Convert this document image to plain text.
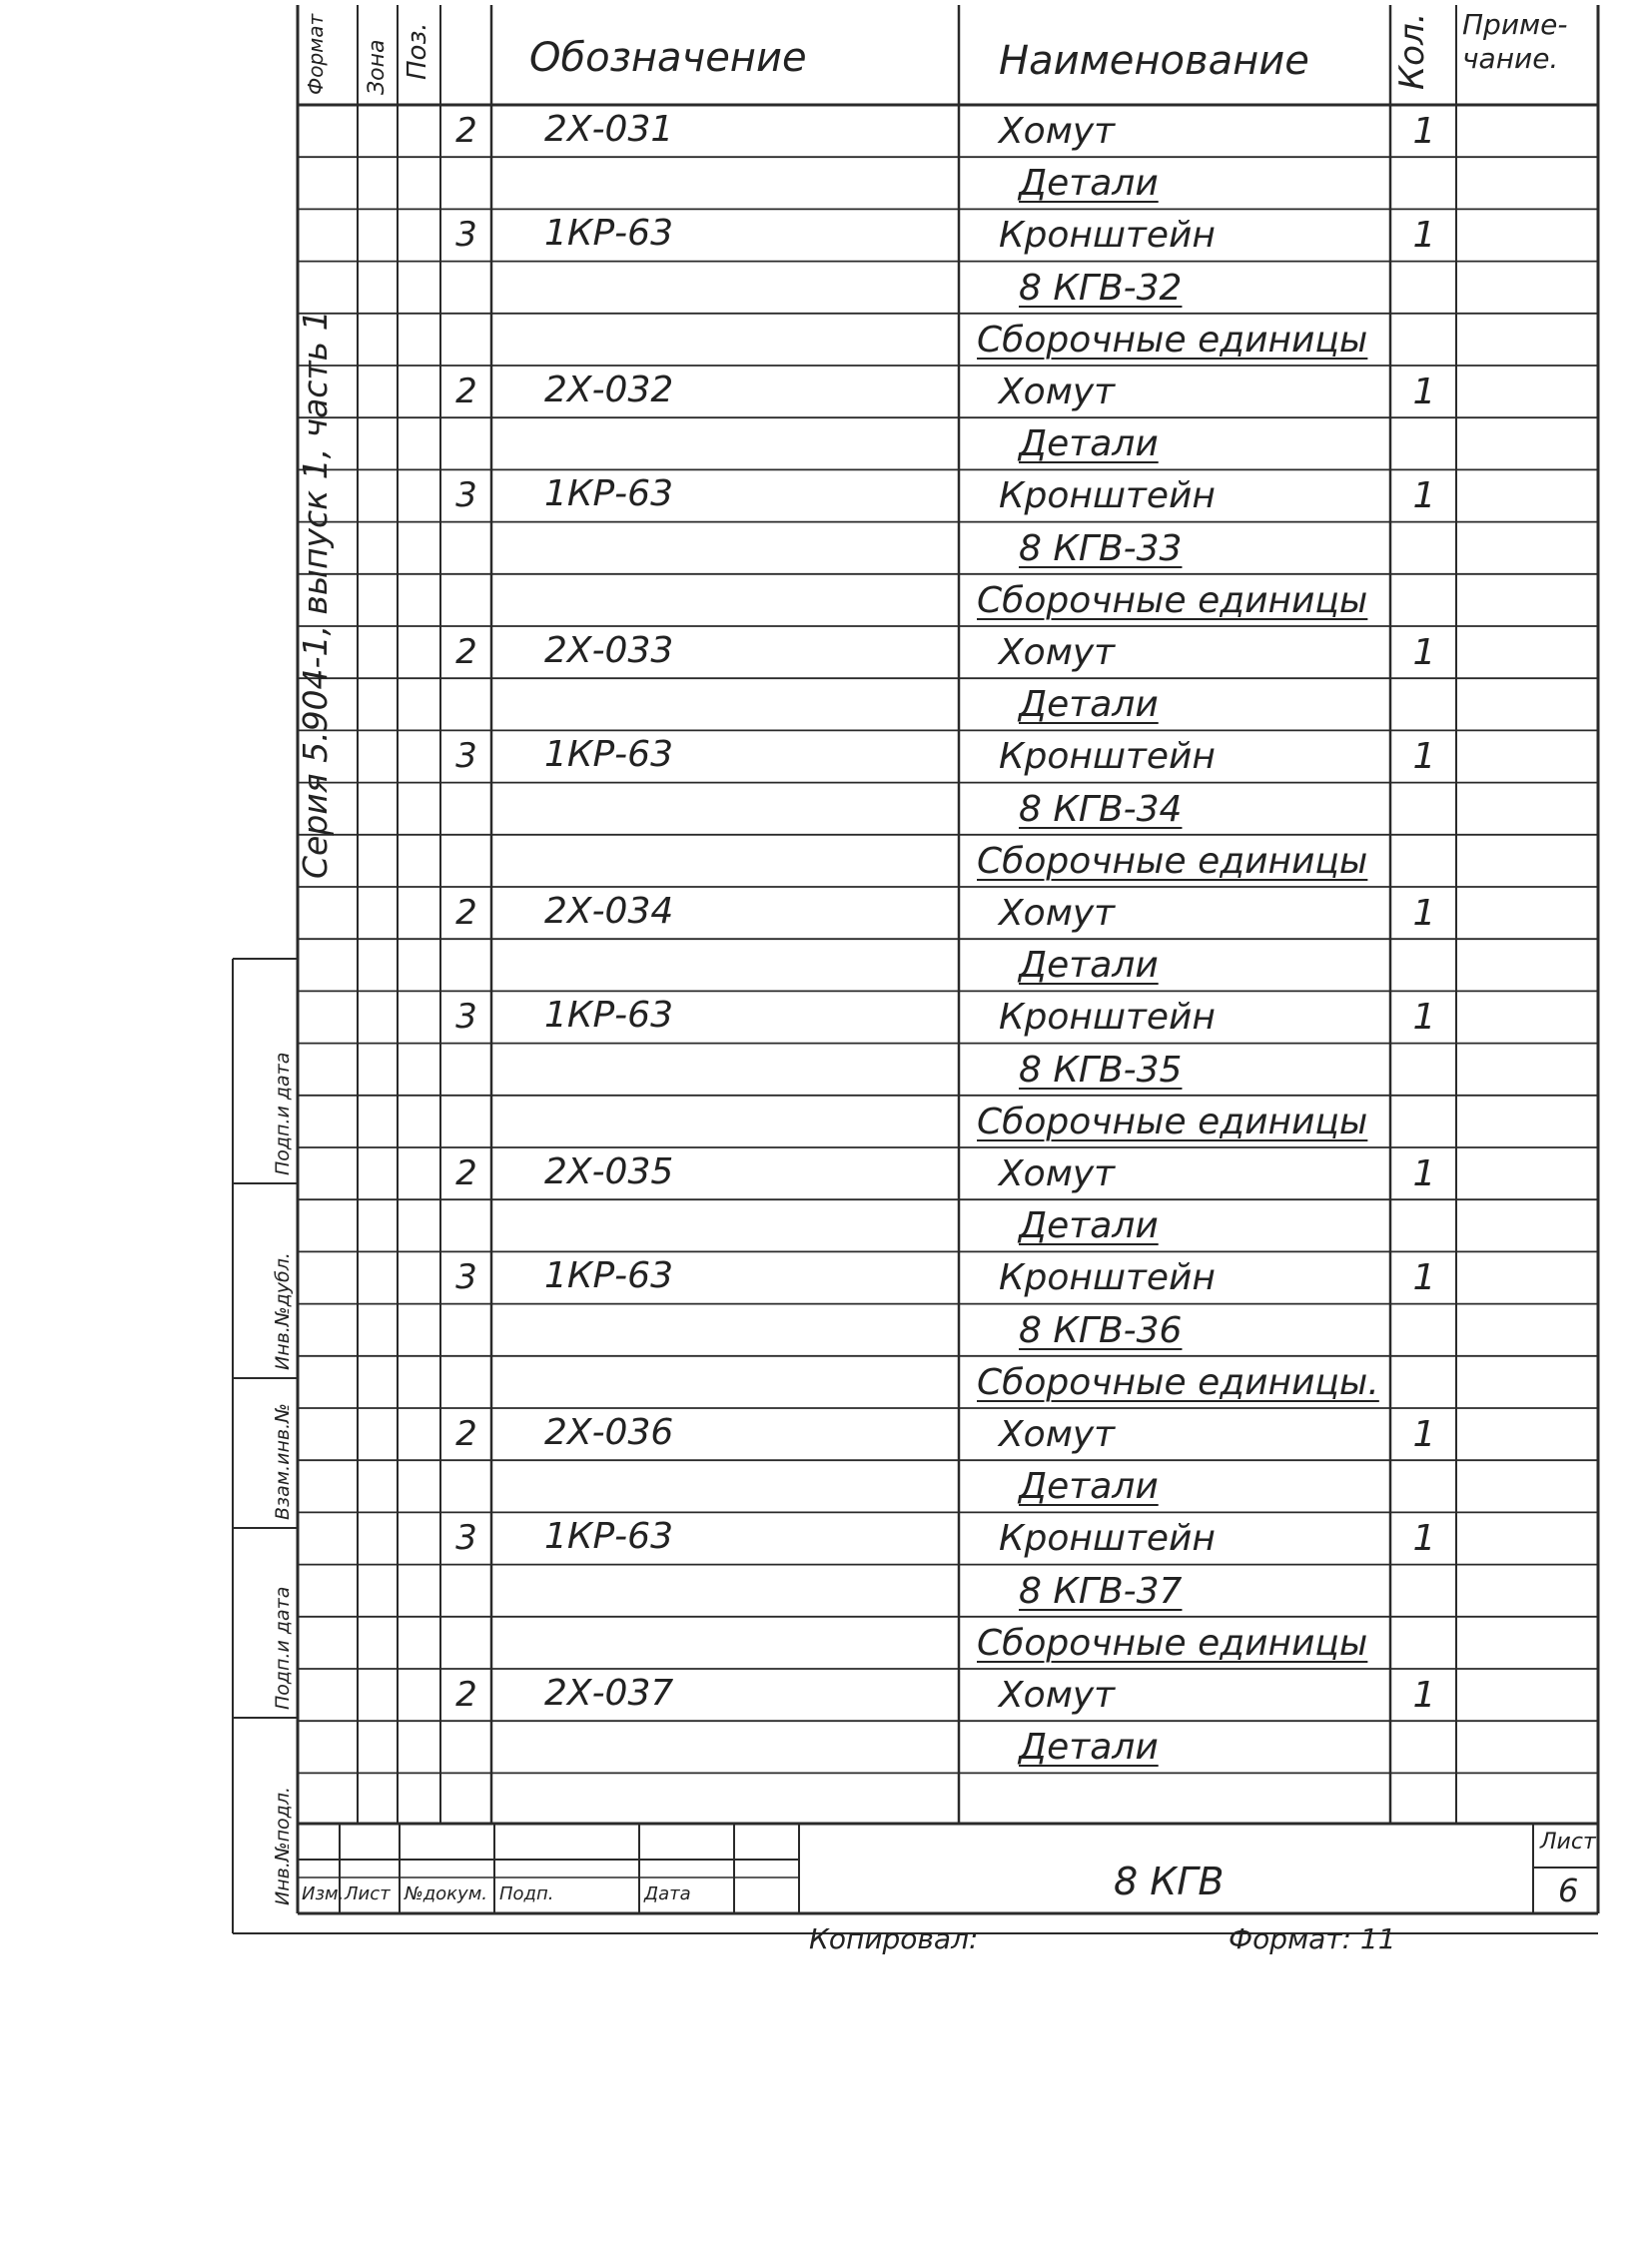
Формат Зона Поз. Обозначение	Наименование Кол. Приме-чание.
2	2Х-031	Хомут	1
Детали
3	1КР-63	Кронштейн	1
8 КГВ-32
Сборочные единицы
2	2Х-032	Хомут	1
Детали
3	1КР-63	Кронштейн	1
8 КГВ-33
Сборочные единицы
2	2Х-033	Хомут	1
Детали
3	1КР-63	Кронштейн	1
8 КГВ-34
Сборочные единицы
2	2Х-034	Хомут	1
Детали
3	1КР-63	Кронштейн	1
8 КГВ-35
Сборочные единицы
2	2Х-035	Хомут	1
Детали
3	1КР-63	Кронштейн	1
8 КГВ-36
Сборочные единицы.
2	2Х-036	Хомут	1
Детали
3	1КР-63	Кронштейн	1
8 КГВ-37
Сборочные единицы
2	2Х-037	Хомут	1
Детали
Серия 5.904-1, выпуск 1, часть 1
Инв.№подл.
Подп.и дата
Взам.инв.№
Инв.№дубл.
Подп.и дата
Изм. Лист №докум. Подп.	Дата	8 КГВ
Лист
6
Копировал:	Формат: 11
